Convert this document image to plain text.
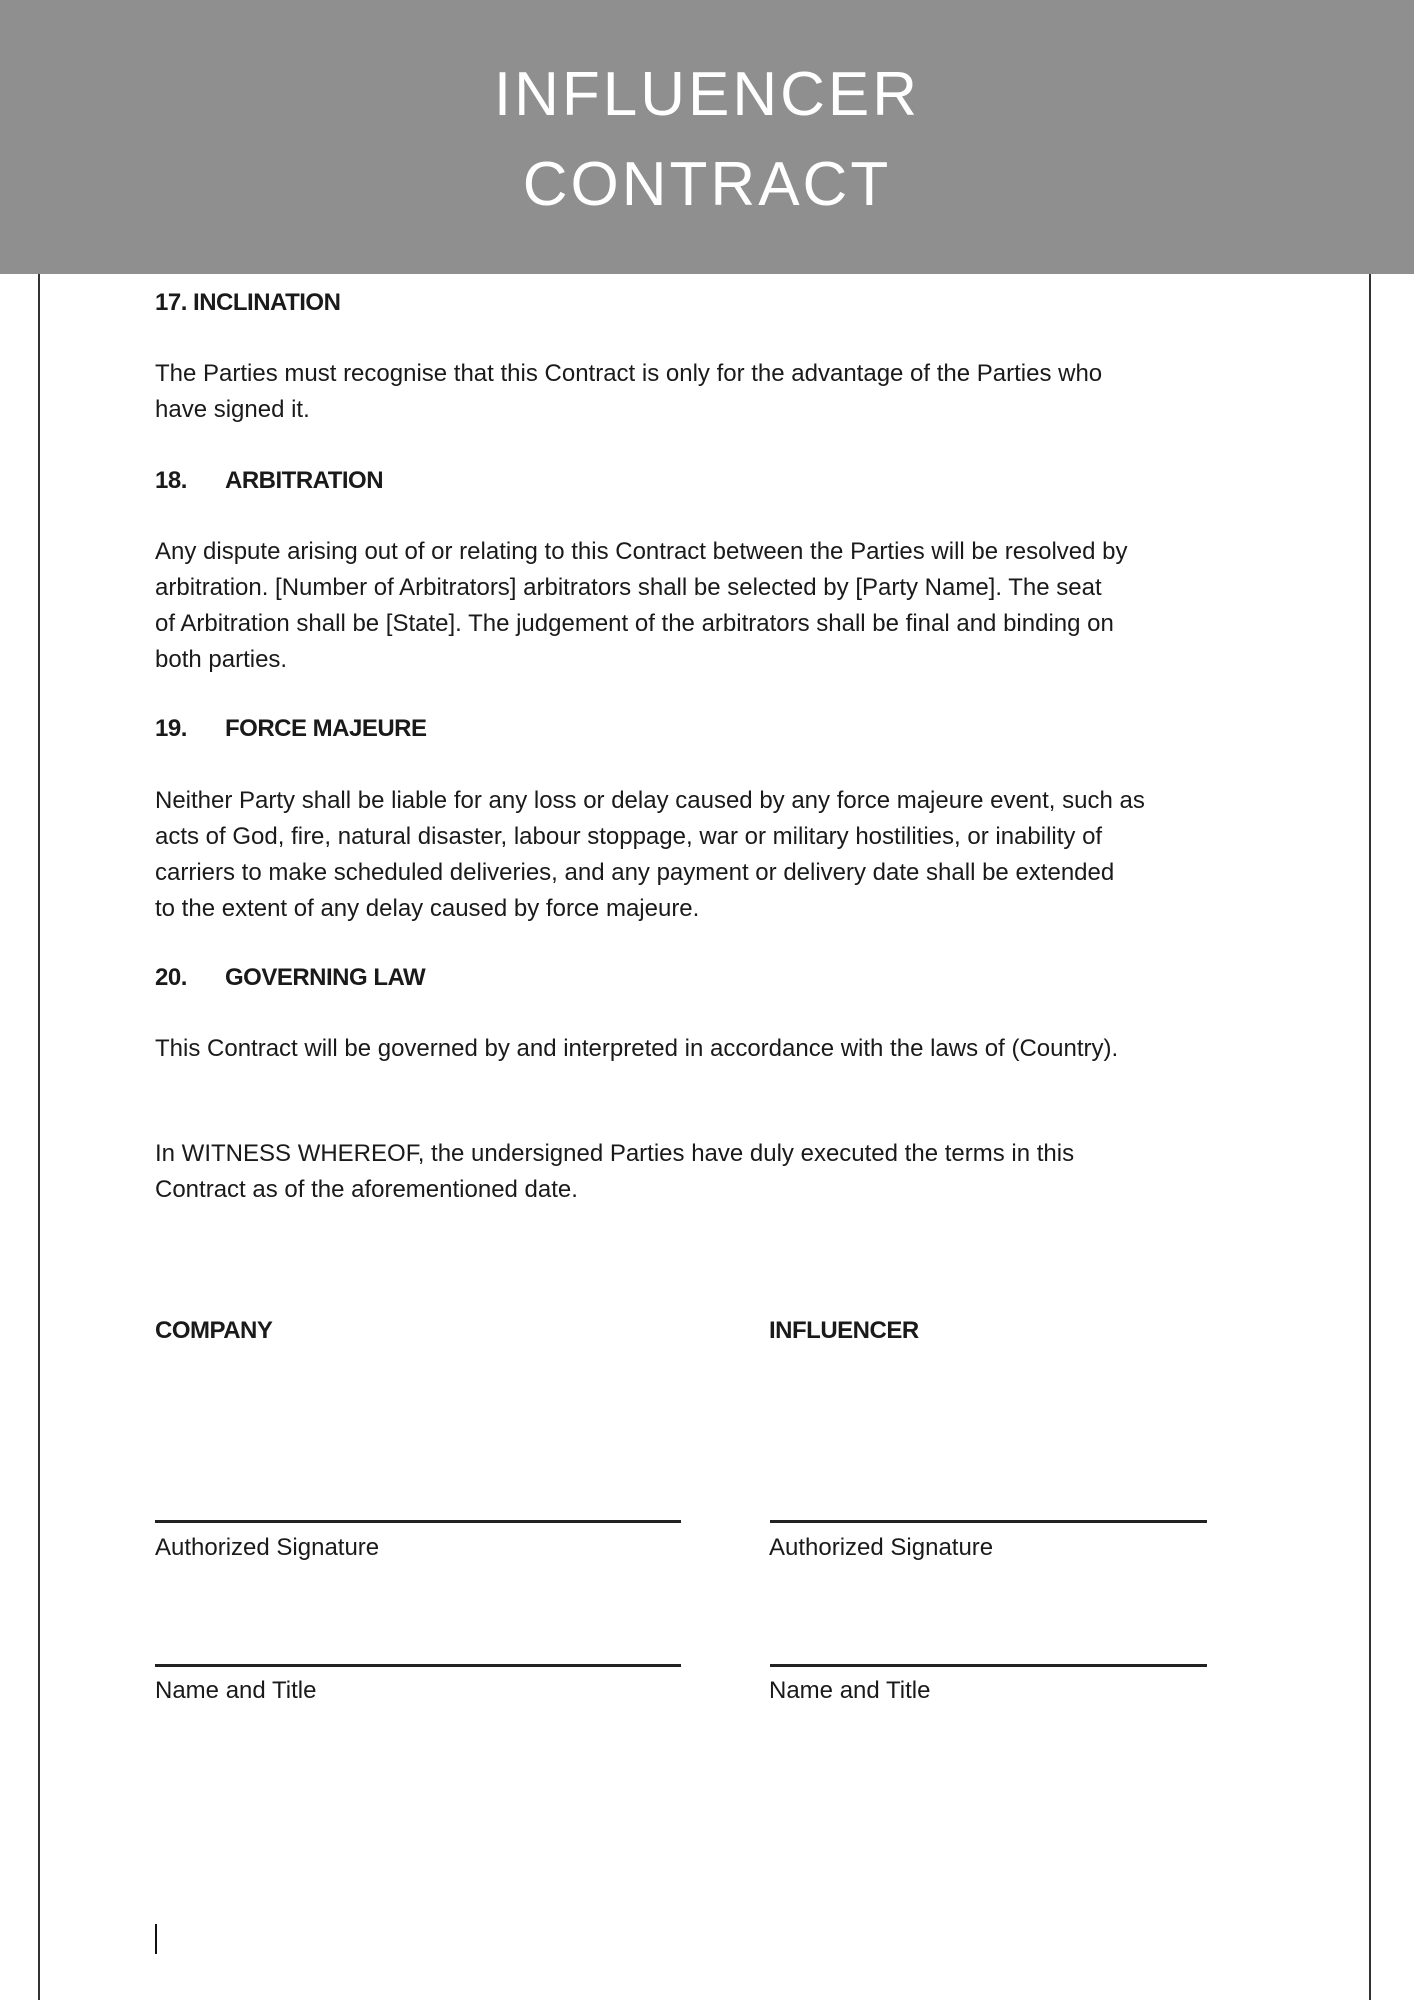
INFLUENCER
CONTRACT
17. INCLINATION
The Parties must recognise that this Contract is only for the advantage of the Parties who
have signed it.
18. ARBITRATION
Any dispute arising out of or relating to this Contract between the Parties will be resolved by
arbitration. [Number of Arbitrators] arbitrators shall be selected by [Party Name]. The seat
of Arbitration shall be [State]. The judgement of the arbitrators shall be final and binding on
both parties.
19. FORCE MAJEURE
Neither Party shall be liable for any loss or delay caused by any force majeure event, such as
acts of God, fire, natural disaster, labour stoppage, war or military hostilities, or inability of
carriers to make scheduled deliveries, and any payment or delivery date shall be extended
to the extent of any delay caused by force majeure.
20. GOVERNING LAW
This Contract will be governed by and interpreted in accordance with the laws of (Country).
In WITNESS WHEREOF, the undersigned Parties have duly executed the terms in this
Contract as of the aforementioned date.
COMPANY	INFLUENCER
Authorized Signature	Authorized Signature
Name and Title	Name and Title
